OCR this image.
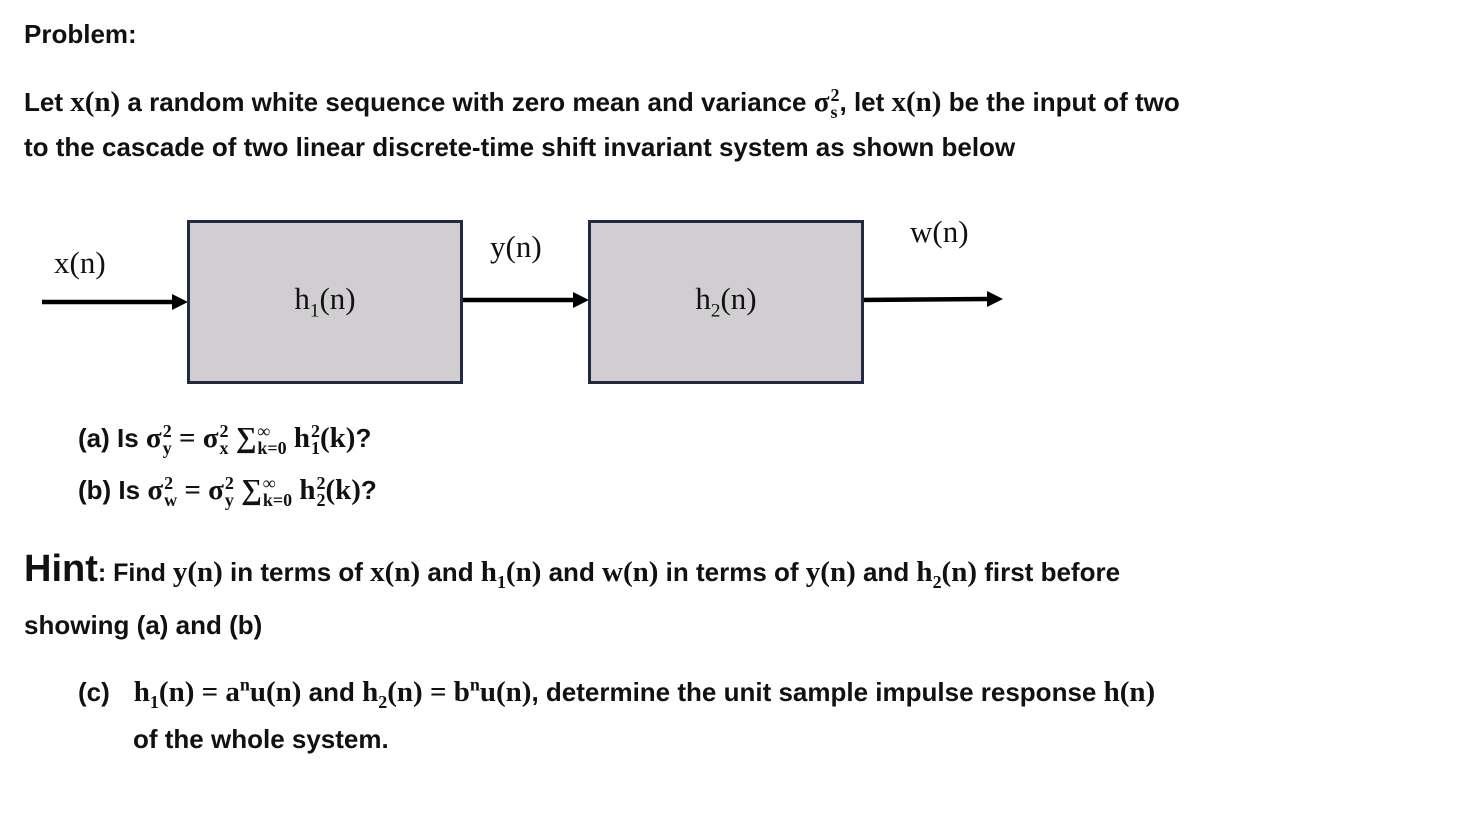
Problem:
Let x(n) a random white sequence with zero mean and variance σ 2
s , let x(n) be the input of two
to the cascade of two linear discrete-time shift invariant system as shown below
x(n)
$h_1(n)$
y(n)
$h_2(n)$
w(n)
(a) Is σ 2
y = σ 2
x ∑ ∞
k=0 h 2
1 (k)?
(b) Is σ 2
w = σ 2
y ∑ ∞
k=0 h 2
2 (k)?
Hint: Find y(n) in terms of x(n) and $h_1(n)$ and w(n) in terms of y(n) and $h_2(n)$ first before
showing (a) and (b)
(c) $h_1(n) = a^nu(n)$ and $h_2(n) = b^nu(n)$, determine the unit sample impulse response h(n)
of the whole system.
